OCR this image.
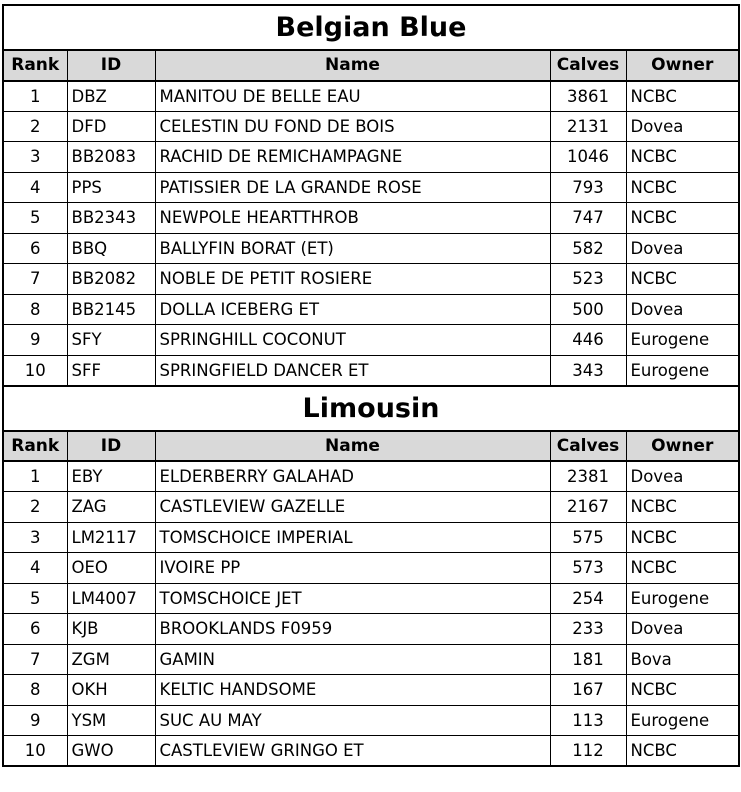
Belgian Blue				
Rank	ID	Name	Calves	Owner
1	DBZ	MANITOU DE BELLE EAU	3861	NCBC
2	DFD	CELESTIN DU FOND DE BOIS	2131	Dovea
3	BB2083	RACHID DE REMICHAMPAGNE	1046	NCBC
4	PPS	PATISSIER DE LA GRANDE ROSE	793	NCBC
5	BB2343	NEWPOLE HEARTTHROB	747	NCBC
6	BBQ	BALLYFIN BORAT (ET)	582	Dovea
7	BB2082	NOBLE DE PETIT ROSIERE	523	NCBC
8	BB2145	DOLLA ICEBERG ET	500	Dovea
9	SFY	SPRINGHILL COCONUT	446	Eurogene
10	SFF	SPRINGFIELD DANCER ET	343	Eurogene
Limousin				
Rank	ID	Name	Calves	Owner
1	EBY	ELDERBERRY GALAHAD	2381	Dovea
2	ZAG	CASTLEVIEW GAZELLE	2167	NCBC
3	LM2117	TOMSCHOICE IMPERIAL	575	NCBC
4	OEO	IVOIRE PP	573	NCBC
5	LM4007	TOMSCHOICE JET	254	Eurogene
6	KJB	BROOKLANDS F0959	233	Dovea
7	ZGM	GAMIN	181	Bova
8	OKH	KELTIC HANDSOME	167	NCBC
9	YSM	SUC AU MAY	113	Eurogene
10	GWO	CASTLEVIEW GRINGO ET	112	NCBC
